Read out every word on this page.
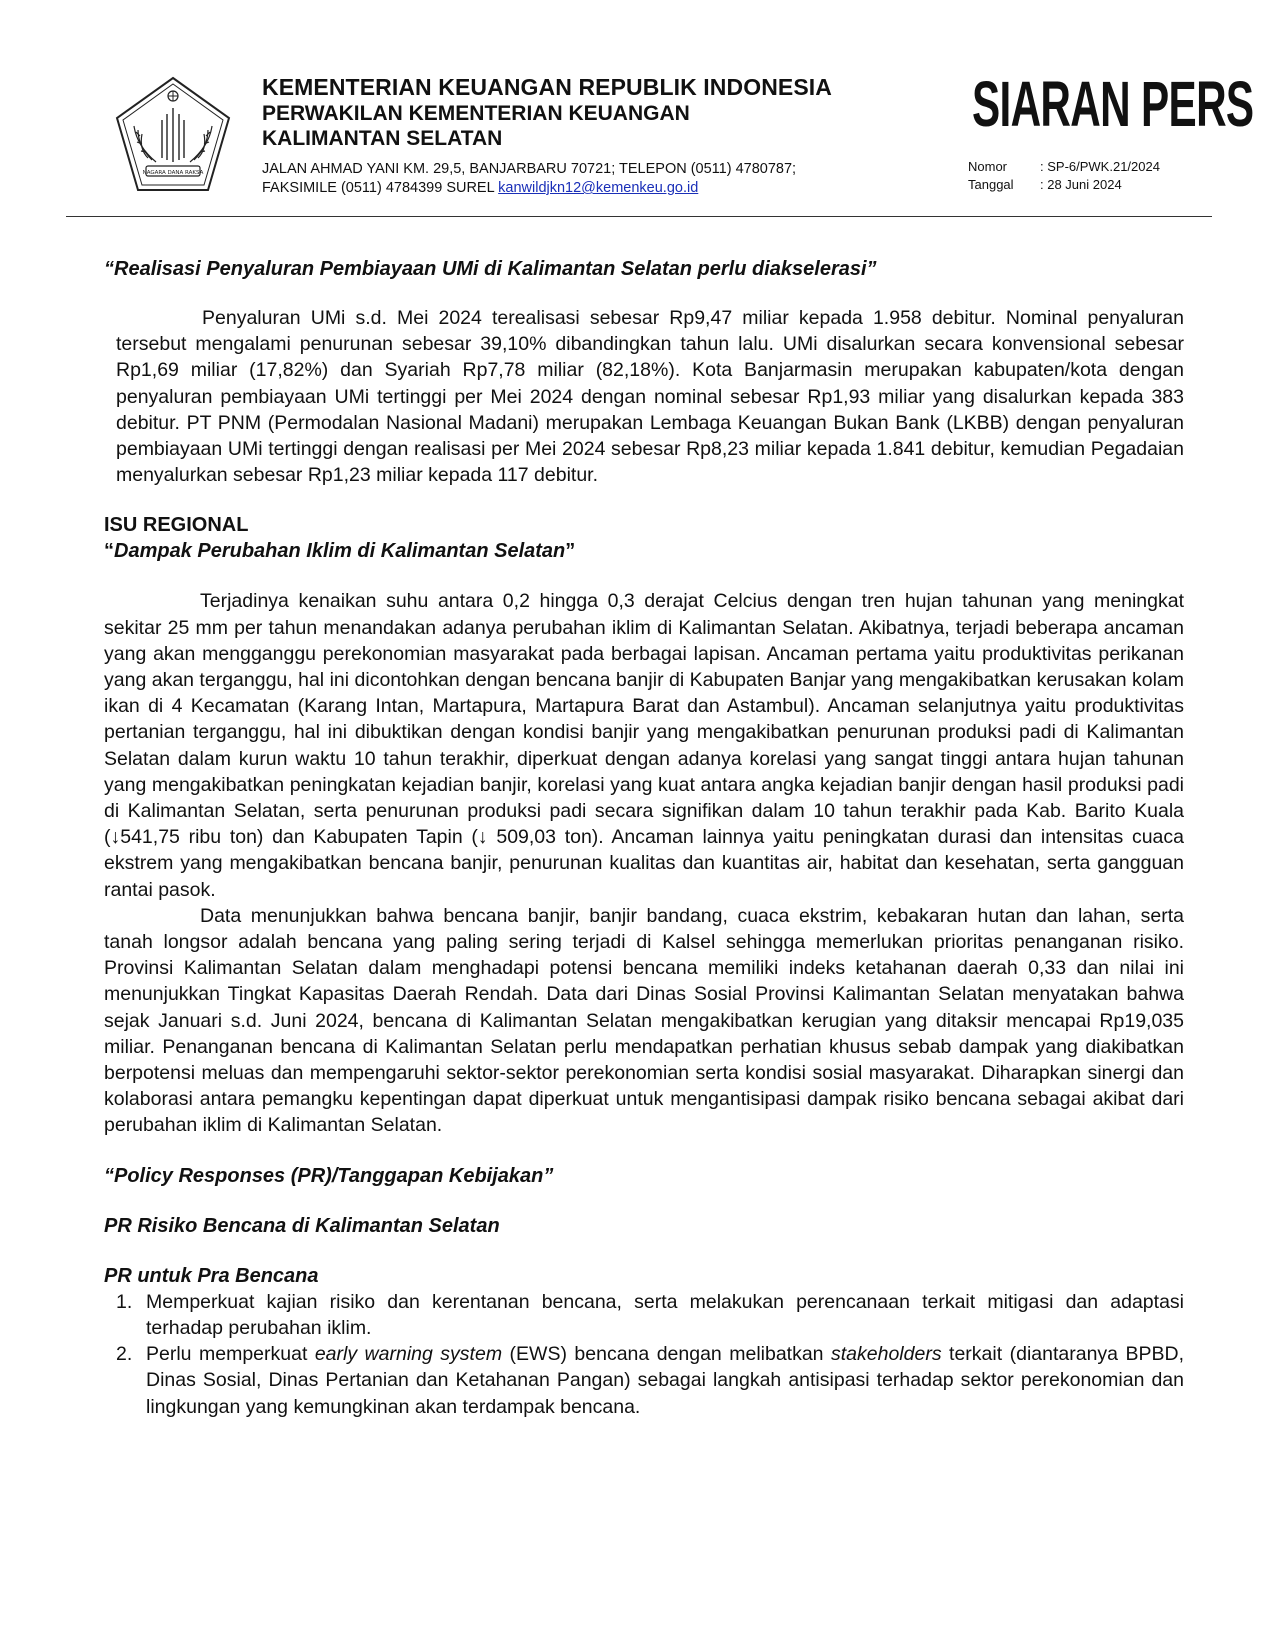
NAGARA DANA RAKSA
KEMENTERIAN KEUANGAN REPUBLIK INDONESIA
PERWAKILAN KEMENTERIAN KEUANGAN
KALIMANTAN SELATAN
JALAN AHMAD YANI KM. 29,5, BANJARBARU 70721; TELEPON (0511) 4780787;
FAKSIMILE (0511) 4784399 SUREL kanwildjkn12@kemenkeu.go.id
SIARAN PERS
Nomor	: SP-6/PWK.21/2024
Tanggal	: 28 Juni 2024

“Realisasi Penyaluran Pembiayaan UMi di Kalimantan Selatan perlu diakselerasi”

Penyaluran UMi s.d. Mei 2024 terealisasi sebesar Rp9,47 miliar kepada 1.958 debitur. Nominal penyaluran tersebut mengalami penurunan sebesar 39,10% dibandingkan tahun lalu. UMi disalurkan secara konvensional sebesar Rp1,69 miliar (17,82%) dan Syariah Rp7,78 miliar (82,18%). Kota Banjarmasin merupakan kabupaten/kota dengan penyaluran pembiayaan UMi tertinggi per Mei 2024 dengan nominal sebesar Rp1,93 miliar yang disalurkan kepada 383 debitur. PT PNM (Permodalan Nasional Madani) merupakan Lembaga Keuangan Bukan Bank (LKBB) dengan penyaluran pembiayaan UMi tertinggi dengan realisasi per Mei 2024 sebesar Rp8,23 miliar kepada 1.841 debitur, kemudian Pegadaian menyalurkan sebesar Rp1,23 miliar kepada 117 debitur.

ISU REGIONAL
“Dampak Perubahan Iklim di Kalimantan Selatan”

Terjadinya kenaikan suhu antara 0,2 hingga 0,3 derajat Celcius dengan tren hujan tahunan yang meningkat sekitar 25 mm per tahun menandakan adanya perubahan iklim di Kalimantan Selatan. Akibatnya, terjadi beberapa ancaman yang akan mengganggu perekonomian masyarakat pada berbagai lapisan. Ancaman pertama yaitu produktivitas perikanan yang akan terganggu, hal ini dicontohkan dengan bencana banjir di Kabupaten Banjar yang mengakibatkan kerusakan kolam ikan di 4 Kecamatan (Karang Intan, Martapura, Martapura Barat dan Astambul). Ancaman selanjutnya yaitu produktivitas pertanian terganggu, hal ini dibuktikan dengan kondisi banjir yang mengakibatkan penurunan produksi padi di Kalimantan Selatan dalam kurun waktu 10 tahun terakhir, diperkuat dengan adanya korelasi yang sangat tinggi antara hujan tahunan yang mengakibatkan peningkatan kejadian banjir, korelasi yang kuat antara angka kejadian banjir dengan hasil produksi padi di Kalimantan Selatan, serta penurunan produksi padi secara signifikan dalam 10 tahun terakhir pada Kab. Barito Kuala (↓541,75 ribu ton) dan Kabupaten Tapin (↓ 509,03 ton). Ancaman lainnya yaitu peningkatan durasi dan intensitas cuaca ekstrem yang mengakibatkan bencana banjir, penurunan kualitas dan kuantitas air, habitat dan kesehatan, serta gangguan rantai pasok.

Data menunjukkan bahwa bencana banjir, banjir bandang, cuaca ekstrim, kebakaran hutan dan lahan, serta tanah longsor adalah bencana yang paling sering terjadi di Kalsel sehingga memerlukan prioritas penanganan risiko. Provinsi Kalimantan Selatan dalam menghadapi potensi bencana memiliki indeks ketahanan daerah 0,33 dan nilai ini menunjukkan Tingkat Kapasitas Daerah Rendah. Data dari Dinas Sosial Provinsi Kalimantan Selatan menyatakan bahwa sejak Januari s.d. Juni 2024, bencana di Kalimantan Selatan mengakibatkan kerugian yang ditaksir mencapai Rp19,035 miliar. Penanganan bencana di Kalimantan Selatan perlu mendapatkan perhatian khusus sebab dampak yang diakibatkan berpotensi meluas dan mempengaruhi sektor-sektor perekonomian serta kondisi sosial masyarakat. Diharapkan sinergi dan kolaborasi antara pemangku kepentingan dapat diperkuat untuk mengantisipasi dampak risiko bencana sebagai akibat dari perubahan iklim di Kalimantan Selatan.

“Policy Responses (PR)/Tanggapan Kebijakan”
PR Risiko Bencana di Kalimantan Selatan
PR untuk Pra Bencana
1. Memperkuat kajian risiko dan kerentanan bencana, serta melakukan perencanaan terkait mitigasi dan adaptasi terhadap perubahan iklim.
2. Perlu memperkuat early warning system (EWS) bencana dengan melibatkan stakeholders terkait (diantaranya BPBD, Dinas Sosial, Dinas Pertanian dan Ketahanan Pangan) sebagai langkah antisipasi terhadap sektor perekonomian dan lingkungan yang kemungkinan akan terdampak bencana.
